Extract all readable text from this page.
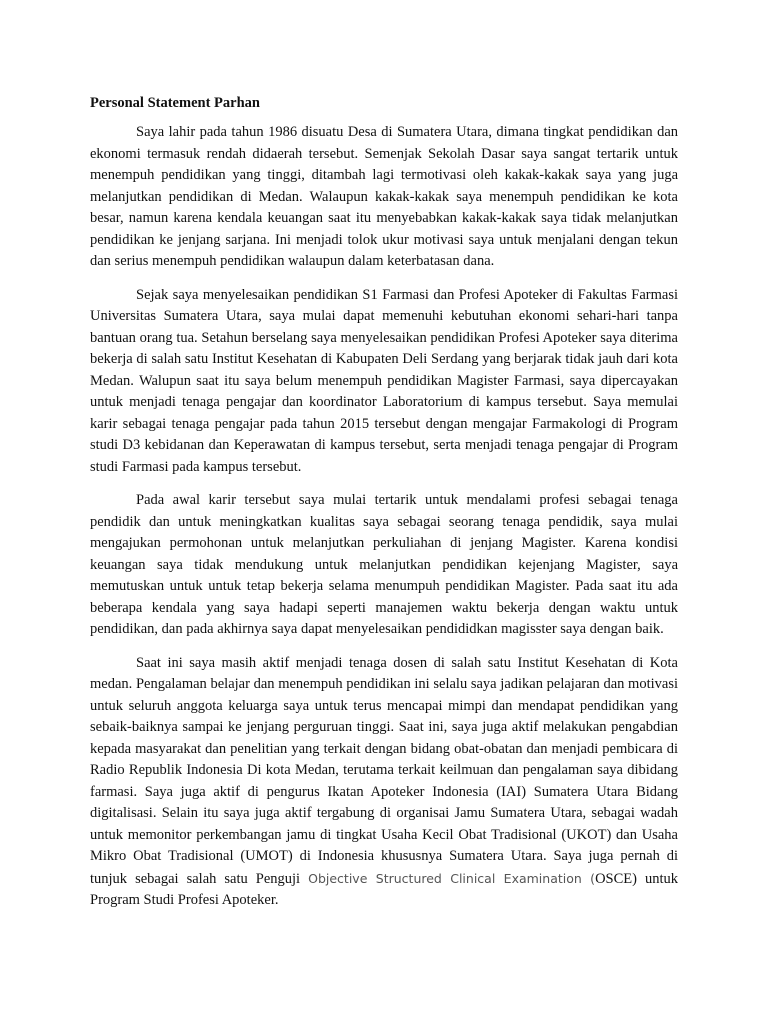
Personal Statement Parhan

Saya lahir pada tahun 1986 disuatu Desa di Sumatera Utara, dimana tingkat pendidikan dan ekonomi termasuk rendah didaerah tersebut. Semenjak Sekolah Dasar saya sangat tertarik untuk menempuh pendidikan yang tinggi, ditambah lagi termotivasi oleh kakak-kakak saya yang juga melanjutkan pendidikan di Medan. Walaupun kakak-kakak saya menempuh pendidikan ke kota besar, namun karena kendala keuangan saat itu menyebabkan kakak-kakak saya tidak melanjutkan pendidikan ke jenjang sarjana. Ini menjadi tolok ukur motivasi saya untuk menjalani dengan tekun dan serius menempuh pendidikan walaupun dalam keterbatasan dana.

Sejak saya menyelesaikan pendidikan S1 Farmasi dan Profesi Apoteker di Fakultas Farmasi Universitas Sumatera Utara, saya mulai dapat memenuhi kebutuhan ekonomi sehari-hari tanpa bantuan orang tua. Setahun berselang saya menyelesaikan pendidikan Profesi Apoteker saya diterima bekerja di salah satu Institut Kesehatan di Kabupaten Deli Serdang yang berjarak tidak jauh dari kota Medan. Walupun saat itu saya belum menempuh pendidikan Magister Farmasi, saya dipercayakan untuk menjadi tenaga pengajar dan koordinator Laboratorium di kampus tersebut. Saya memulai karir sebagai tenaga pengajar pada tahun 2015 tersebut dengan mengajar Farmakologi di Program studi D3 kebidanan dan Keperawatan di kampus tersebut, serta menjadi tenaga pengajar di Program studi Farmasi pada kampus tersebut.

Pada awal karir tersebut saya mulai tertarik untuk mendalami profesi sebagai tenaga pendidik dan untuk meningkatkan kualitas saya sebagai seorang tenaga pendidik, saya mulai mengajukan permohonan untuk melanjutkan perkuliahan di jenjang Magister. Karena kondisi keuangan saya tidak mendukung untuk melanjutkan pendidikan kejenjang Magister, saya memutuskan untuk untuk tetap bekerja selama menumpuh pendidikan Magister. Pada saat itu ada beberapa kendala yang saya hadapi seperti manajemen waktu bekerja dengan waktu untuk pendidikan, dan pada akhirnya saya dapat menyelesaikan pendididkan magisster saya dengan baik.

Saat ini saya masih aktif menjadi tenaga dosen di salah satu Institut Kesehatan di Kota medan. Pengalaman belajar dan menempuh pendidikan ini selalu saya jadikan pelajaran dan motivasi untuk seluruh anggota keluarga saya untuk terus mencapai mimpi dan mendapat pendidikan yang sebaik-baiknya sampai ke jenjang perguruan tinggi. Saat ini, saya juga aktif melakukan pengabdian kepada masyarakat dan penelitian yang terkait dengan bidang obat-obatan dan menjadi pembicara di Radio Republik Indonesia Di kota Medan, terutama terkait keilmuan dan pengalaman saya dibidang farmasi. Saya juga aktif di pengurus Ikatan Apoteker Indonesia (IAI) Sumatera Utara Bidang digitalisasi. Selain itu saya juga aktif tergabung di organisai Jamu Sumatera Utara, sebagai wadah untuk memonitor perkembangan jamu di tingkat Usaha Kecil Obat Tradisional (UKOT) dan Usaha Mikro Obat Tradisional (UMOT) di Indonesia khususnya Sumatera Utara. Saya juga pernah di tunjuk sebagai salah satu Penguji Objective Structured Clinical Examination (OSCE) untuk Program Studi Profesi Apoteker.
